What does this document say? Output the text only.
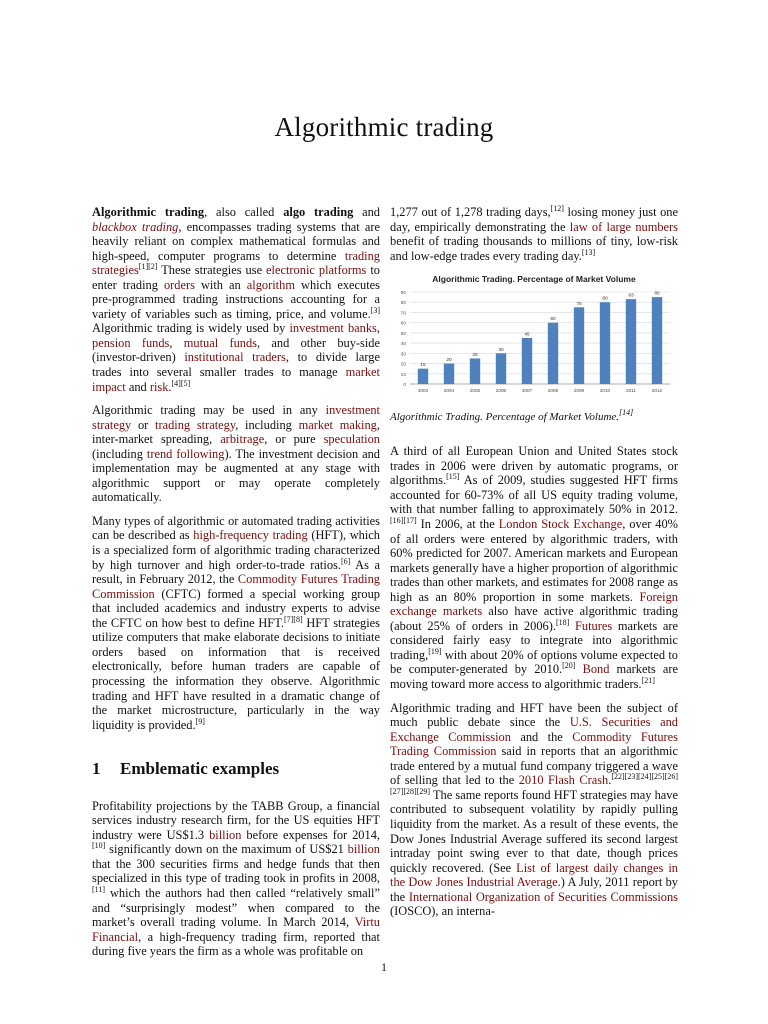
Algorithmic trading

Algorithmic trading, also called algo trading and blackbox trading, encompasses trading systems that are heavily reliant on complex mathematical formulas and high-speed, computer programs to determine trading strategies[1][2] These strategies use electronic platforms to enter trading orders with an algorithm which executes pre-programmed trading instructions accounting for a variety of variables such as timing, price, and volume.[3] Algorithmic trading is widely used by investment banks, pension funds, mutual funds, and other buy-side (investor-driven) institutional traders, to divide large trades into several smaller trades to manage market impact and risk.[4][5]

Algorithmic trading may be used in any investment strategy or trading strategy, including market making, inter-market spreading, arbitrage, or pure speculation (including trend following). The investment decision and implementation may be augmented at any stage with algorithmic support or may operate completely automatically.

Many types of algorithmic or automated trading activities can be described as high-frequency trading (HFT), which is a specialized form of algorithmic trading characterized by high turnover and high order-to-trade ratios.[6] As a result, in February 2012, the Commodity Futures Trading Commission (CFTC) formed a special working group that included academics and industry experts to advise the CFTC on how best to define HFT.[7][8] HFT strategies utilize computers that make elaborate decisions to initiate orders based on information that is received electronically, before human traders are capable of processing the information they observe. Algorithmic trading and HFT have resulted in a dramatic change of the market microstructure, particularly in the way liquidity is provided.[9]

1 Emblematic examples

Profitability projections by the TABB Group, a financial services industry research firm, for the US equities HFT industry were US$1.3 billion before expenses for 2014,[10] significantly down on the maximum of US$21 billion that the 300 securities firms and hedge funds that then specialized in this type of trading took in profits in 2008,[11] which the authors had then called “relatively small” and “surprisingly modest” when compared to the market’s overall trading volume. In March 2014, Virtu Financial, a high-frequency trading firm, reported that during five years the firm as a whole was profitable on

1,277 out of 1,278 trading days,[12] losing money just one day, empirically demonstrating the law of large numbers benefit of trading thousands to millions of tiny, low-risk and low-edge trades every trading day.[13]

Algorithmic Trading. Percentage of Market Volume
0
10
20
30
40
50
60
70
80
90
15
2003
20
2004
25
2005
30
2006
45
2007
60
2008
75
2009
80
2010
83
2011
85
2012

Algorithmic Trading. Percentage of Market Volume.[14]

A third of all European Union and United States stock trades in 2006 were driven by automatic programs, or algorithms.[15] As of 2009, studies suggested HFT firms accounted for 60-73% of all US equity trading volume, with that number falling to approximately 50% in 2012.[16][17] In 2006, at the London Stock Exchange, over 40% of all orders were entered by algorithmic traders, with 60% predicted for 2007. American markets and European markets generally have a higher proportion of algorithmic trades than other markets, and estimates for 2008 range as high as an 80% proportion in some markets. Foreign exchange markets also have active algorithmic trading (about 25% of orders in 2006).[18] Futures markets are considered fairly easy to integrate into algorithmic trading,[19] with about 20% of options volume expected to be computer-generated by 2010.[20] Bond markets are moving toward more access to algorithmic traders.[21]

Algorithmic trading and HFT have been the subject of much public debate since the U.S. Securities and Exchange Commission and the Commodity Futures Trading Commission said in reports that an algorithmic trade entered by a mutual fund company triggered a wave of selling that led to the 2010 Flash Crash.[22][23][24][25][26][27][28][29] The same reports found HFT strategies may have contributed to subsequent volatility by rapidly pulling liquidity from the market. As a result of these events, the Dow Jones Industrial Average suffered its second largest intraday point swing ever to that date, though prices quickly recovered. (See List of largest daily changes in the Dow Jones Industrial Average.) A July, 2011 report by the International Organization of Securities Commissions (IOSCO), an interna-

1
